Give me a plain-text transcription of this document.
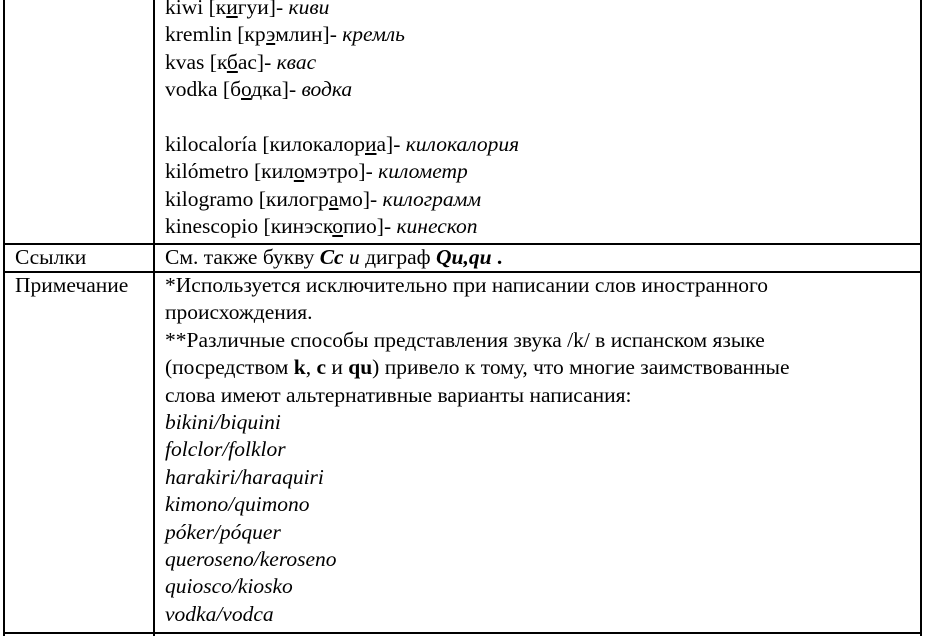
kiwi [кигуи]- киви
kremlin [крэмлин]- кремль
kvas [кбас]- квас
vodka [бодка]- водка
kilocaloría [килокалориа]- килокалория
kilómetro [киломэтро]- километр
kilogramo [килограмо]- килограмм
kinescopio [кинэскопио]- кинескоп
Ссылки	См. также букву Cc и диграф Qu,qu .
Примечание *Используется исключительно при написании слов иностранного
происхождения.
**Различные способы представления звука /k/ в испанском языке
(посредством k, c и qu) привело к тому, что многие заимствованные
слова имеют альтернативные варианты написания:
bikini/biquini
folclor/folklor
harakiri/haraquiri
kimono/quimono
póker/póquer
queroseno/keroseno
quiosco/kiosko
vodka/vodca
